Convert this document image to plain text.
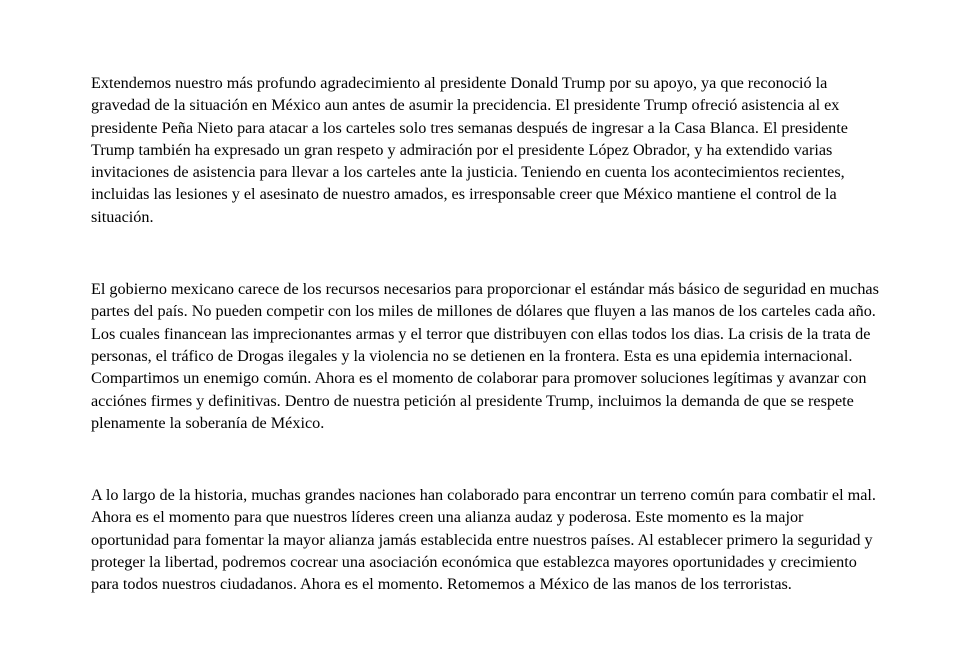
Extendemos nuestro más profundo agradecimiento al presidente Donald Trump por su apoyo, ya que reconoció la gravedad de la situación en México aun antes de asumir la precidencia. El presidente Trump ofreció asistencia al ex presidente Peña Nieto para atacar a los carteles solo tres semanas después de ingresar a la Casa Blanca. El presidente Trump también ha expresado un gran respeto y admiración por el presidente López Obrador, y ha extendido varias invitaciones de asistencia para llevar a los carteles ante la justicia. Teniendo en cuenta los acontecimientos recientes, incluidas las lesiones y el asesinato de nuestro amados, es irresponsable creer que México mantiene el control de la situación.

El gobierno mexicano carece de los recursos necesarios para proporcionar el estándar más básico de seguridad en muchas partes del país. No pueden competir con los miles de millones de dólares que fluyen a las manos de los carteles cada año. Los cuales financean las imprecionantes armas y el terror que distribuyen con ellas todos los dias. La crisis de la trata de personas, el tráfico de Drogas ilegales y la violencia no se detienen en la frontera. Esta es una epidemia internacional. Compartimos un enemigo común. Ahora es el momento de colaborar para promover soluciones legítimas y avanzar con acciónes firmes y definitivas. Dentro de nuestra petición al presidente Trump, incluimos la demanda de que se respete plenamente la soberanía de México.

A lo largo de la historia, muchas grandes naciones han colaborado para encontrar un terreno común para combatir el mal. Ahora es el momento para que nuestros líderes creen una alianza audaz y poderosa. Este momento es la major oportunidad para fomentar la mayor alianza jamás establecida entre nuestros países. Al establecer primero la seguridad y proteger la libertad, podremos cocrear una asociación económica que establezca mayores oportunidades y crecimiento para todos nuestros ciudadanos. Ahora es el momento. Retomemos a México de las manos de los terroristas.
